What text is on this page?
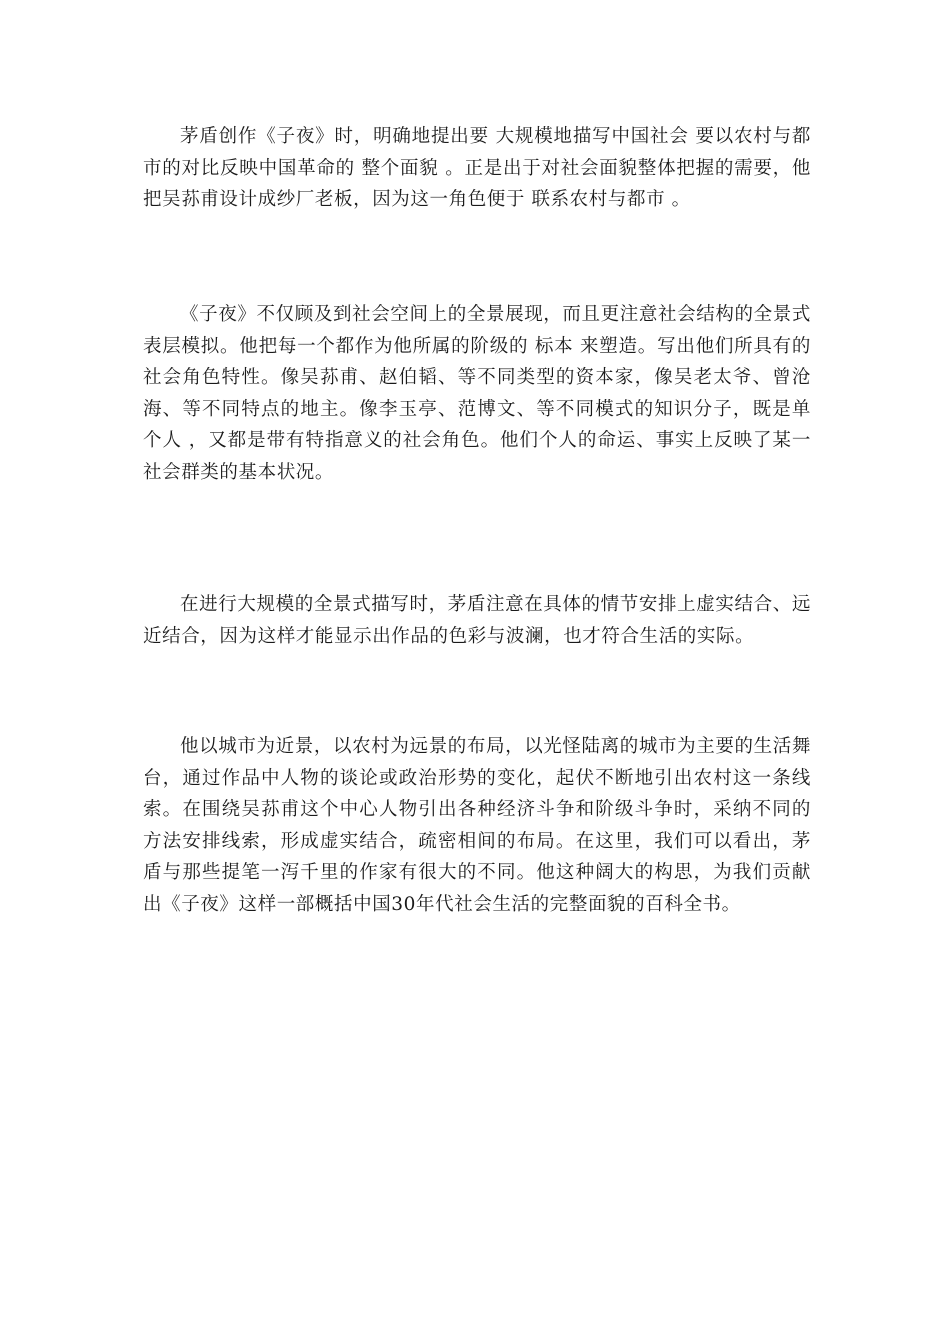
茅盾创作《子夜》时，明确地提出要 大规模地描写中国社会 要以农村与都市的对比反映中国革命的 整个面貌 。正是出于对社会面貌整体把握的需要，他把吴荪甫设计成纱厂老板，因为这一角色便于 联系农村与都市 。

《子夜》不仅顾及到社会空间上的全景展现，而且更注意社会结构的全景式表层模拟。他把每一个都作为他所属的阶级的 标本 来塑造。写出他们所具有的社会角色特性。像吴荪甫、赵伯韬、等不同类型的资本家，像吴老太爷、曾沧海、等不同特点的地主。像李玉亭、范博文、等不同模式的知识分子，既是单个人 ，又都是带有特指意义的社会角色。他们个人的命运、事实上反映了某一社会群类的基本状况。

在进行大规模的全景式描写时，茅盾注意在具体的情节安排上虚实结合、远近结合，因为这样才能显示出作品的色彩与波澜，也才符合生活的实际。

他以城市为近景，以农村为远景的布局，以光怪陆离的城市为主要的生活舞台，通过作品中人物的谈论或政治形势的变化，起伏不断地引出农村这一条线索。在围绕吴荪甫这个中心人物引出各种经济斗争和阶级斗争时，采纳不同的方法安排线索，形成虚实结合，疏密相间的布局。在这里，我们可以看出，茅盾与那些提笔一泻千里的作家有很大的不同。他这种阔大的构思，为我们贡献出《子夜》这样一部概括中国30年代社会生活的完整面貌的百科全书。
